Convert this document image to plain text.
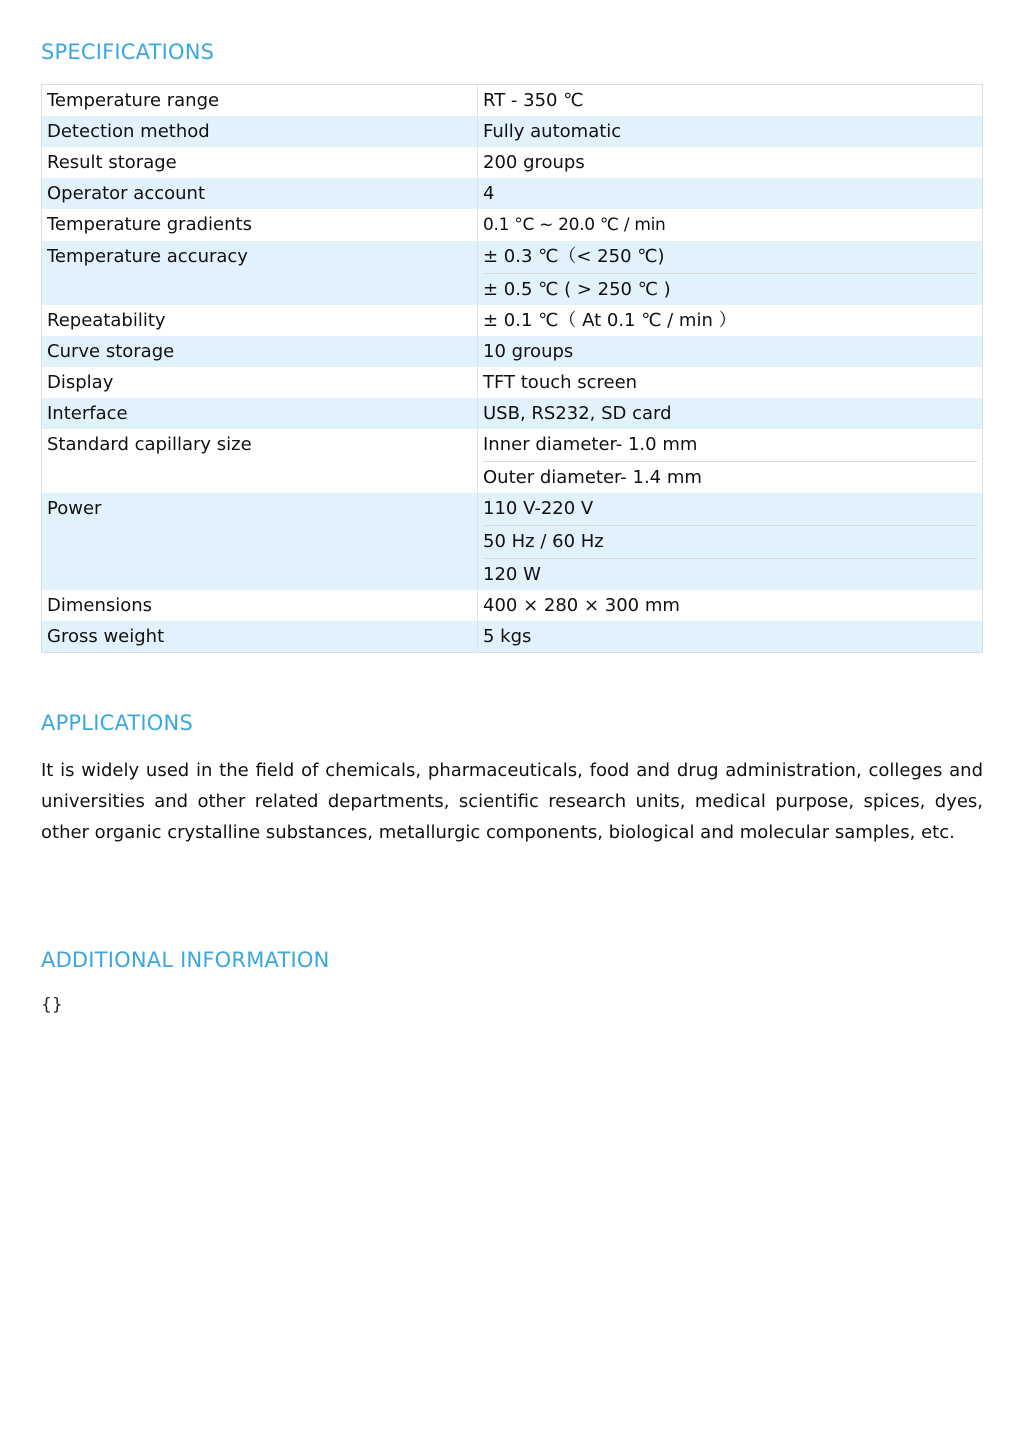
SPECIFICATIONS
Temperature range	RT - 350 ℃
Detection method	Fully automatic
Result storage	200 groups
Operator account	4
Temperature gradients	0.1 °C ~ 20.0 ℃ / min
Temperature accuracy	± 0.3 ℃（< 250 ℃)
± 0.5 ℃ ( > 250 ℃ )

Repeatability	± 0.1 ℃（ At 0.1 ℃ / min ）
Curve storage	10 groups
Display	TFT touch screen
Interface	USB, RS232, SD card
Standard capillary size	Inner diameter- 1.0 mm
Outer diameter- 1.4 mm

Power	110 V-220 V
50 Hz / 60 Hz
120 W

Dimensions	400 × 280 × 300 mm
Gross weight	5 kgs
APPLICATIONS

It is widely used in the field of chemicals, pharmaceuticals, food and drug administration, colleges and universities and other related departments, scientific research units, medical purpose, spices, dyes, other organic crystalline substances, metallurgic components, biological and molecular samples, etc.

ADDITIONAL INFORMATION

{}
